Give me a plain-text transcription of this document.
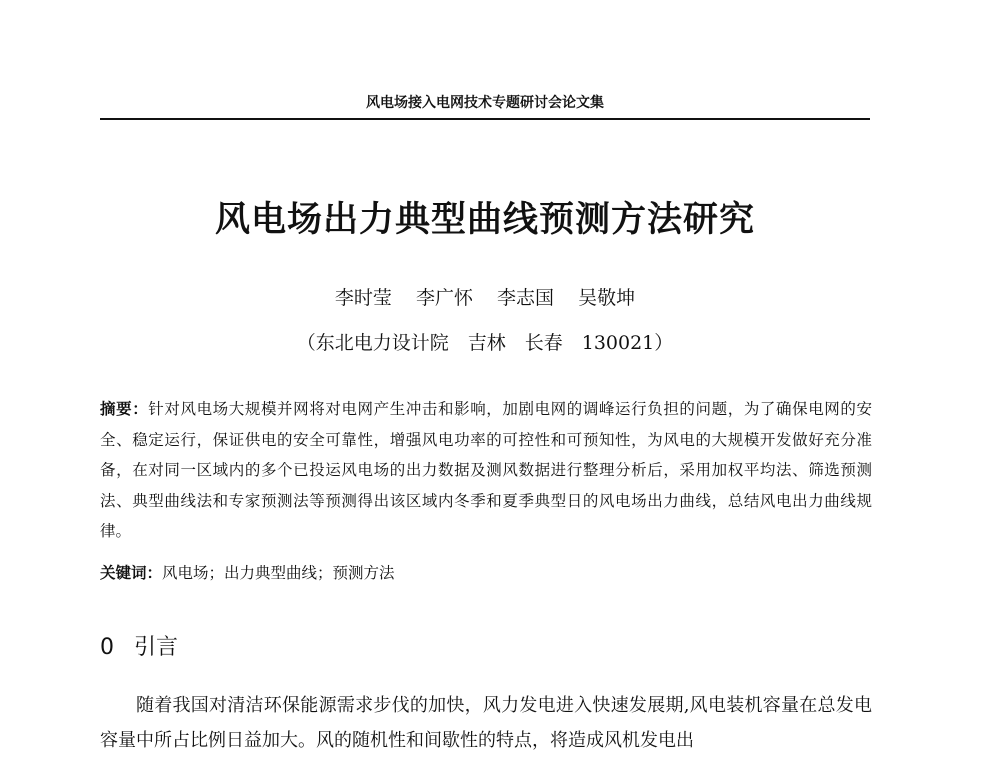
风电场接入电网技术专题研讨会论文集
风电场出力典型曲线预测方法研究
李时莹 李广怀 李志国 吴敬坤
（东北电力设计院　吉林　长春　130021）
摘要：针对风电场大规模并网将对电网产生冲击和影响，加剧电网的调峰运行负担的问题，为了确保电网的安全、稳定运行，保证供电的安全可靠性，增强风电功率的可控性和可预知性，为风电的大规模开发做好充分准备，在对同一区域内的多个已投运风电场的出力数据及测风数据进行整理分析后，采用加权平均法、筛选预测法、典型曲线法和专家预测法等预测得出该区域内冬季和夏季典型日的风电场出力曲线，总结风电出力曲线规律。
关键词：风电场；出力典型曲线；预测方法
0 引言
随着我国对清洁环保能源需求步伐的加快，风力发电进入快速发展期,风电装机容量在总发电容量中所占比例日益加大。风的随机性和间歇性的特点，将造成风机发电出
